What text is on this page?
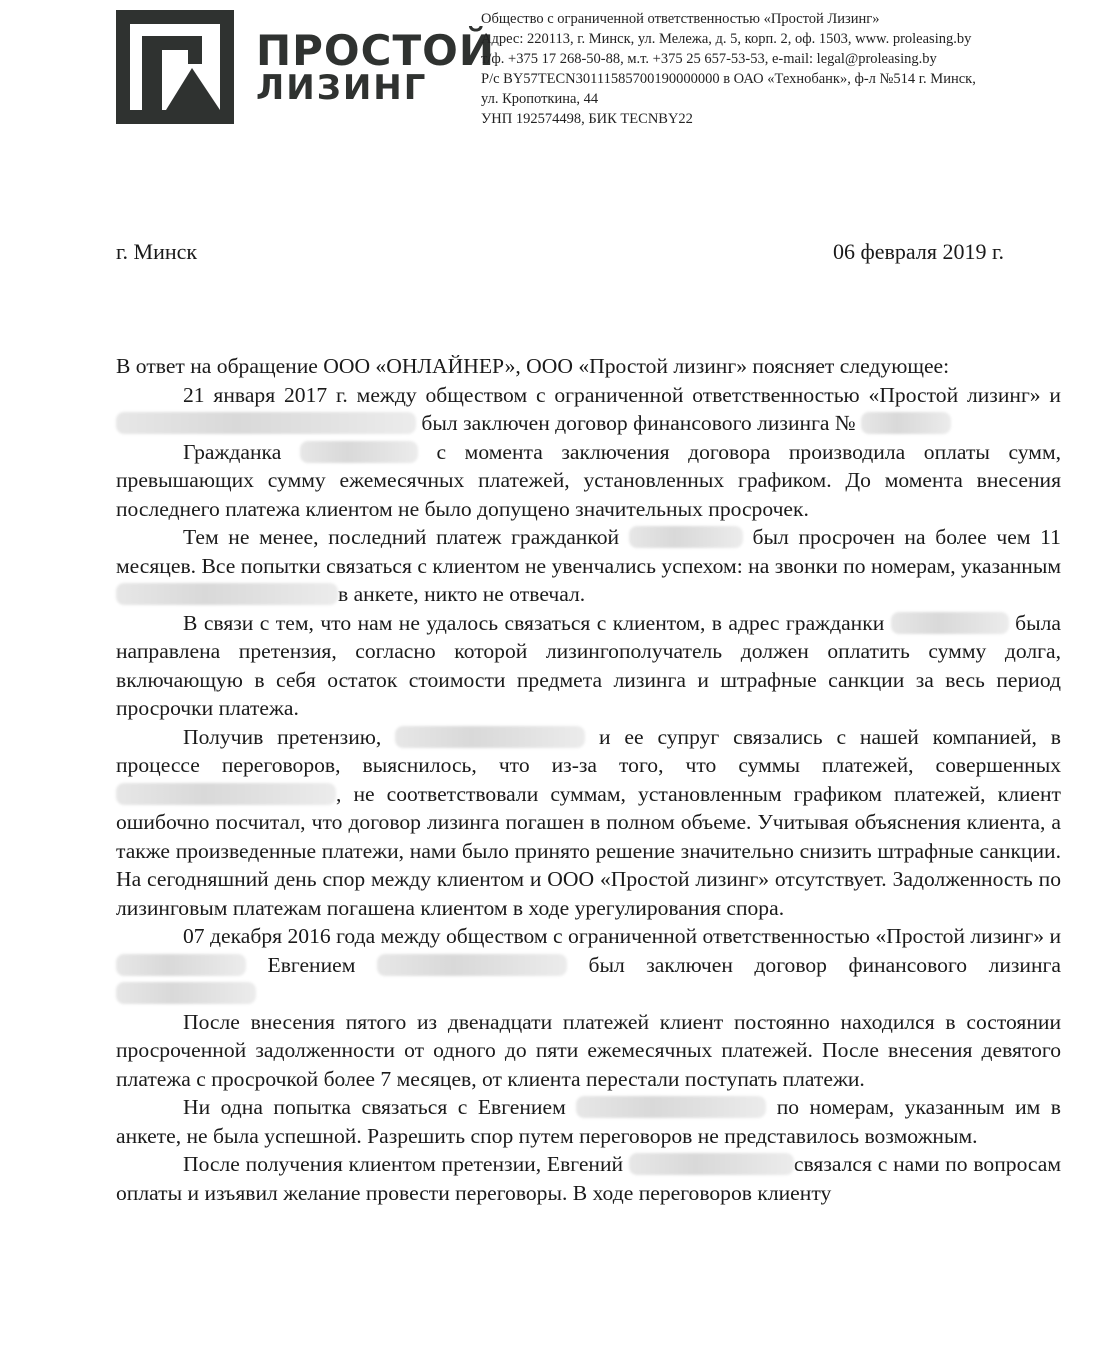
ПРОСТОЙ
ЛИЗИНГ
Общество с ограниченной ответственностью «Простой Лизинг»
Адрес: 220113, г. Минск, ул. Мележа, д. 5, корп. 2, оф. 1503, www. proleasing.by
т/ф. +375 17 268-50-88, м.т. +375 25 657-53-53, e-mail: legal@proleasing.by
Р/с BY57TECN30111585700190000000 в ОАО «Технобанк», ф-л №514 г. Минск,
ул. Кропоткина, 44
УНП 192574498, БИК TECNBY22
г. Минск	06 февраля 2019 г.

В ответ на обращение ООО «ОНЛАЙНЕР», ООО «Простой лизинг» поясняет следующее:

21 января 2017 г. между обществом с ограниченной ответственностью «Простой лизинг» и  был заключен договор финансового лизинга №

Гражданка	с момента заключения договора производила оплаты сумм, превышающих сумму ежемесячных платежей, установленных графиком. До момента внесения последнего платежа клиентом не было допущено значительных просрочек.

Тем не менее, последний платеж гражданкой	был просрочен на более чем 11 месяцев. Все попытки связаться с клиентом не увенчались успехом: на звонки по номерам, указанным в анкете, никто не отвечал.

В связи с тем, что нам не удалось связаться с клиентом, в адрес гражданки	была направлена претензия, согласно которой лизингополучатель должен оплатить сумму долга, включающую в себя остаток стоимости предмета лизинга и штрафные санкции за весь период просрочки платежа.

Получив претензию,	и ее супруг связались с нашей компанией, в процессе переговоров, выяснилось, что из-за того, что суммы платежей, совершенных , не соответствовали суммам, установленным графиком платежей, клиент ошибочно посчитал, что договор лизинга погашен в полном объеме. Учитывая объяснения клиента, а также произведенные платежи, нами было принято решение значительно снизить штрафные санкции. На сегодняшний день спор между клиентом и ООО «Простой лизинг» отсутствует. Задолженность по лизинговым платежам погашена клиентом в ходе урегулирования спора.

07 декабря 2016 года между обществом с ограниченной ответственностью «Простой лизинг» и  Евгением	был заключен договор финансового лизинга

После внесения пятого из двенадцати платежей клиент постоянно находился в состоянии просроченной задолженности от одного до пяти ежемесячных платежей. После внесения девятого платежа с просрочкой более 7 месяцев, от клиента перестали поступать платежи.

Ни одна попытка связаться с Евгением	по номерам, указанным им в анкете, не была успешной. Разрешить спор путем переговоров не представилось возможным.

После получения клиентом претензии, Евгений	связался с нами по вопросам оплаты и изъявил желание провести переговоры. В ходе переговоров клиенту
